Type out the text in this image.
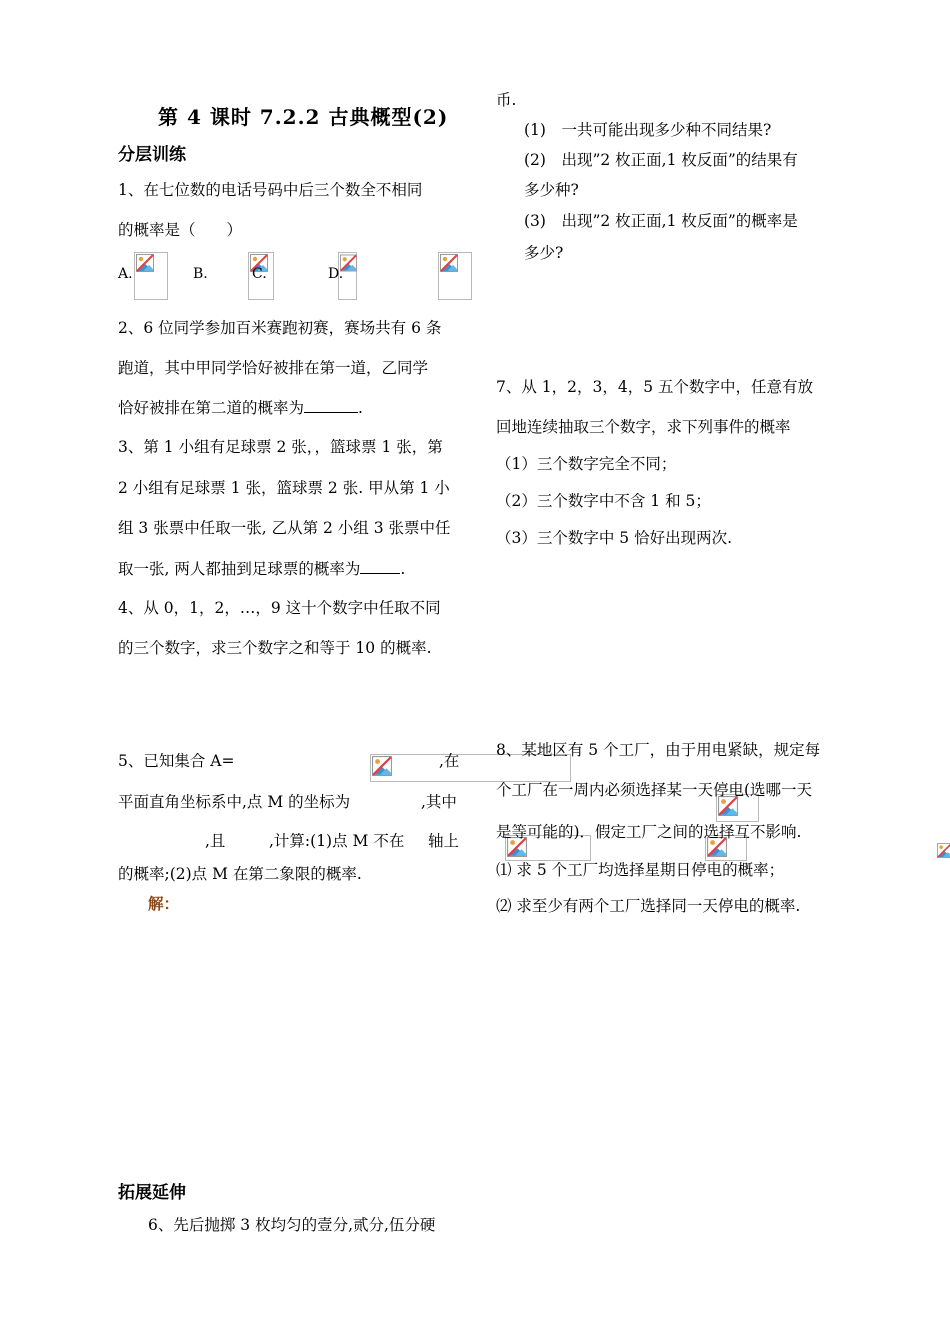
第 4 课时 7.2.2 古典概型(2)
分层训练
1、在七位数的电话号码中后三个数全不相同
的概率是（　　）
A.
	B.
	C.
	D.

2、6 位同学参加百米赛跑初赛，赛场共有 6 条
跑道，其中甲同学恰好被排在第一道，乙同学
恰好被排在第二道的概率为	.
3、第 1 小组有足球票 2 张，，篮球票 1 张，第
2 小组有足球票 1 张，篮球票 2 张. 甲从第 1 小
组 3 张票中任取一张, 乙从第 2 小组 3 张票中任
取一张, 两人都抽到足球票的概率为	.
4、从 0，1，2，…，9 这十个数字中任取不同
的三个数字，求三个数字之和等于 10 的概率.
5、已知集合 A=
	,在
平面直角坐标系中,点 M 的坐标为
	,其中

,且
	,计算:(1)点 M 不在 轴上
的概率;(2)点 M 在第二象限的概率.
解：
拓展延伸
6、先后抛掷 3 枚均匀的壹分,贰分,伍分硬
币.
(1)　一共可能出现多少种不同结果?
(2)　出现”2 枚正面,1 枚反面”的结果有
多少种?
(3)　出现”2 枚正面,1 枚反面”的概率是
多少?
7、从 1，2，3，4，5 五个数字中，任意有放
回地连续抽取三个数字，求下列事件的概率
（1）三个数字完全不同；
（2）三个数字中不含 1 和 5；
（3）三个数字中 5 恰好出现两次.
8、某地区有 5 个工厂，由于用电紧缺，规定每
个工厂在一周内必须选择某一天停电(选哪一天
是等可能的)．假定工厂之间的选择互不影响.
⑴ 求 5 个工厂均选择星期日停电的概率；
⑵ 求至少有两个工厂选择同一天停电的概率.
